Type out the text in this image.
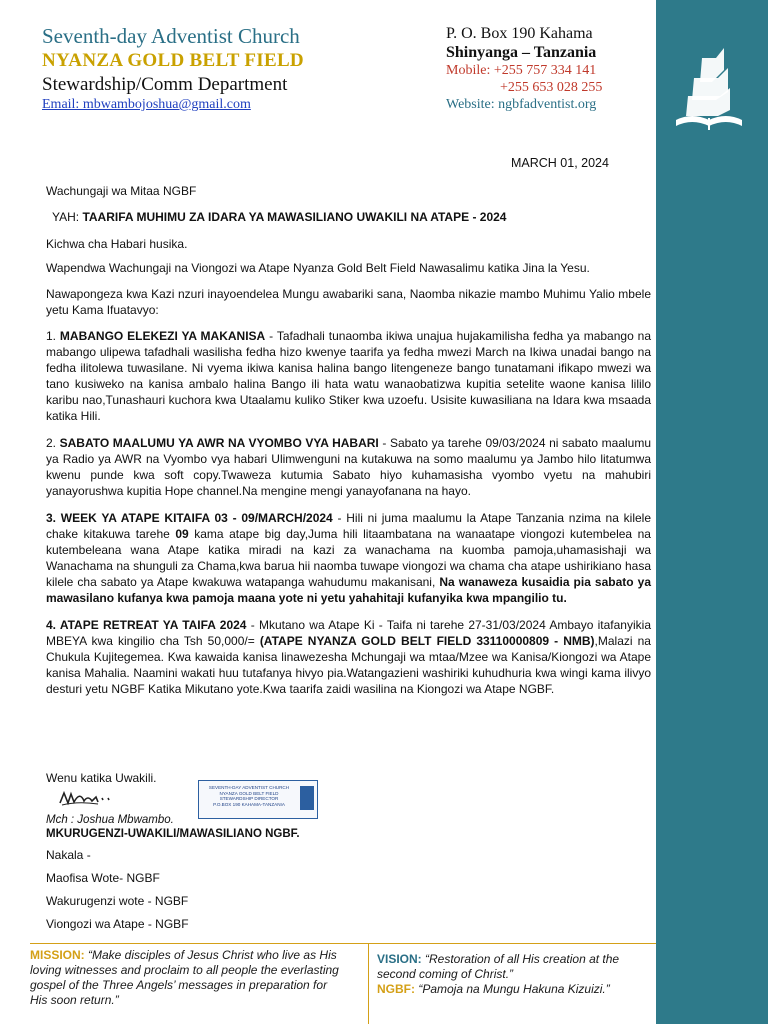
Seventh-day Adventist Church
NYANZA GOLD BELT FIELD
Stewardship/Comm Department
Email: mbwambojoshua@gmail.com
P. O. Box 190 Kahama
Shinyanga – Tanzania
Mobile: +255 757 334 141
+255 653 028 255
Website: ngbfadventist.org
MARCH 01, 2024
Wachungaji wa Mitaa NGBF
YAH: TAARIFA MUHIMU ZA IDARA YA MAWASILIANO UWAKILI NA ATAPE - 2024
Kichwa cha Habari husika.
Wapendwa Wachungaji na Viongozi wa Atape Nyanza Gold Belt Field Nawasalimu katika Jina la Yesu.
Nawapongeza kwa Kazi nzuri inayoendelea Mungu awabariki sana, Naomba nikazie mambo Muhimu Yalio mbele yetu Kama Ifuatavyo:
1. MABANGO ELEKEZI YA MAKANISA - Tafadhali tunaomba ikiwa unajua hujakamilisha fedha ya mabango na mabango ulipewa tafadhali wasilisha fedha hizo kwenye taarifa ya fedha mwezi March na Ikiwa unadai bango na fedha ilitolewa tuwasilane. Ni vyema ikiwa kanisa halina bango litengeneze bango tunatamani ifikapo mwezi wa tano kusiweko na kanisa ambalo halina Bango ili hata watu wanaobatizwa kupitia setelite waone kanisa lililo karibu nao,Tunashauri kuchora kwa Utaalamu kuliko Stiker kwa uzoefu. Usisite kuwasiliana na Idara kwa msaada katika Hili.
2. SABATO MAALUMU YA AWR NA VYOMBO VYA HABARI - Sabato ya tarehe 09/03/2024 ni sabato maalumu ya Radio ya AWR na Vyombo vya habari Ulimwenguni na kutakuwa na somo maalumu ya Jambo hilo litatumwa kwenu punde kwa soft copy.Twaweza kutumia Sabato hiyo kuhamasisha vyombo vyetu na mahubiri yanayorushwa kupitia Hope channel.Na mengine mengi yanayofanana na hayo.
3. WEEK YA ATAPE KITAIFA 03 - 09/MARCH/2024 - Hili ni juma maalumu la Atape Tanzania nzima na kilele chake kitakuwa tarehe 09 kama atape big day,Juma hili litaambatana na wanaatape viongozi kutembelea na kutembeleana wana Atape katika miradi na kazi za wanachama na kuomba pamoja,uhamasishaji wa Wanachama na shunguli za Chama,kwa barua hii naomba tuwape viongozi wa chama cha atape ushirikiano hasa kilele cha sabato ya Atape kwakuwa watapanga wahudumu makanisani, Na wanaweza kusaidia pia sabato ya mawasilano kufanya kwa pamoja maana yote ni yetu yahahitaji kufanyika kwa mpangilio tu.
4. ATAPE RETREAT YA TAIFA 2024 - Mkutano wa Atape Ki - Taifa ni tarehe 27-31/03/2024 Ambayo itafanyikia MBEYA kwa kingilio cha Tsh 50,000/= (ATAPE NYANZA GOLD BELT FIELD 33110000809 - NMB),Malazi na Chukula Kujitegemea. Kwa kawaida kanisa linawezesha Mchungaji wa mtaa/Mzee wa Kanisa/Kiongozi wa Atape kanisa Mahalia. Naamini wakati huu tutafanya hivyo pia.Watangazieni washiriki kuhudhuria kwa wingi kama ilivyo desturi yetu NGBF Katika Mikutano yote.Kwa taarifa zaidi wasilina na Kiongozi wa Atape NGBF.
Wenu katika Uwakili.
SEVENTH-DAY ADVENTIST CHURCH
NYANZA GOLD BELT FIELD
STEWARDSHIP DIRECTOR
P.O.BOX 190 KAHAMA-TANZANIA
Mch : Joshua Mbwambo.
MKURUGENZI-UWAKILI/MAWASILIANO NGBF.
Nakala -
Maofisa Wote- NGBF
Wakurugenzi wote - NGBF
Viongozi wa Atape - NGBF
MISSION: “Make disciples of Jesus Christ who live as His loving witnesses and proclaim to all people the everlasting gospel of the Three Angels’ messages in preparation for His soon return.”
VISION: “Restoration of all His creation at the second coming of Christ.”
NGBF: “Pamoja na Mungu Hakuna Kizuizi.”
